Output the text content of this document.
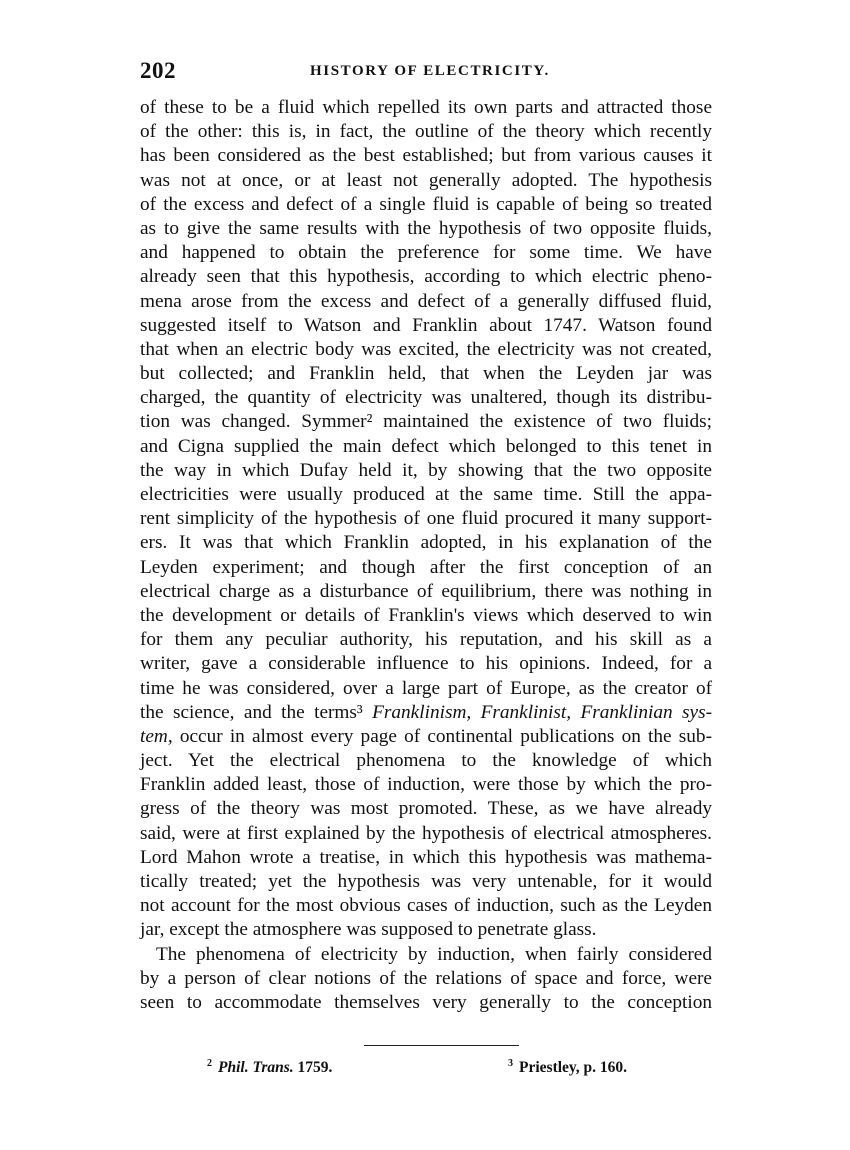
202	HISTORY OF ELECTRICITY.
of these to be a fluid which repelled its own parts and attracted those
of the other: this is, in fact, the outline of the theory which recently
has been considered as the best established; but from various causes it
was not at once, or at least not generally adopted. The hypothesis
of the excess and defect of a single fluid is capable of being so treated
as to give the same results with the hypothesis of two opposite fluids,
and happened to obtain the preference for some time. We have
already seen that this hypothesis, according to which electric pheno-
mena arose from the excess and defect of a generally diffused fluid,
suggested itself to Watson and Franklin about 1747. Watson found
that when an electric body was excited, the electricity was not created,
but collected; and Franklin held, that when the Leyden jar was
charged, the quantity of electricity was unaltered, though its distribu-
tion was changed. Symmer² maintained the existence of two fluids;
and Cigna supplied the main defect which belonged to this tenet in
the way in which Dufay held it, by showing that the two opposite
electricities were usually produced at the same time. Still the appa-
rent simplicity of the hypothesis of one fluid procured it many support-
ers. It was that which Franklin adopted, in his explanation of the
Leyden experiment; and though after the first conception of an
electrical charge as a disturbance of equilibrium, there was nothing in
the development or details of Franklin's views which deserved to win
for them any peculiar authority, his reputation, and his skill as a
writer, gave a considerable influence to his opinions. Indeed, for a
time he was considered, over a large part of Europe, as the creator of
the science, and the terms³ Franklinism, Franklinist, Franklinian sys-
tem, occur in almost every page of continental publications on the sub-
ject. Yet the electrical phenomena to the knowledge of which
Franklin added least, those of induction, were those by which the pro-
gress of the theory was most promoted. These, as we have already
said, were at first explained by the hypothesis of electrical atmospheres.
Lord Mahon wrote a treatise, in which this hypothesis was mathema-
tically treated; yet the hypothesis was very untenable, for it would
not account for the most obvious cases of induction, such as the Leyden
jar, except the atmosphere was supposed to penetrate glass.
The phenomena of electricity by induction, when fairly considered
by a person of clear notions of the relations of space and force, were
seen to accommodate themselves very generally to the conception
$^2$ Phil. Trans. 1759.	$^3$ Priestley, p. 160.
